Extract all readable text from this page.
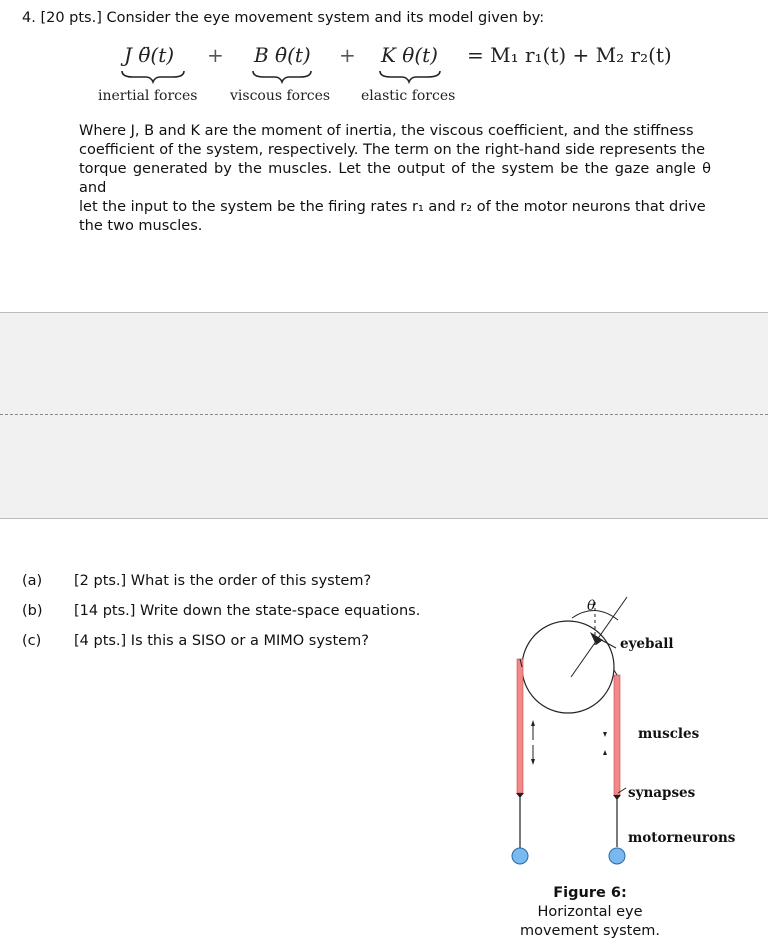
4. [20 pts.] Consider the eye movement system and its model given by:
J θ̈(t) + B θ̇(t) + K θ(t) = M₁ r₁(t) + M₂ r₂(t)
inertial forces viscous forces elastic forces
Where J, B and K are the moment of inertia, the viscous coefficient, and the stiffness
coefficient of the system, respectively. The term on the right-hand side represents the
torque generated by the muscles. Let the output of the system be the gaze angle θ and
let the input to the system be the firing rates r₁ and r₂ of the motor neurons that drive
the two muscles.
(a) [2 pts.] What is the order of this system?
(b) [14 pts.] Write down the state-space equations.
(c) [4 pts.] Is this a SISO or a MIMO system?
θ
eyeball
muscles
synapses
motorneurons
Figure 6:
Horizontal eye
movement system.
